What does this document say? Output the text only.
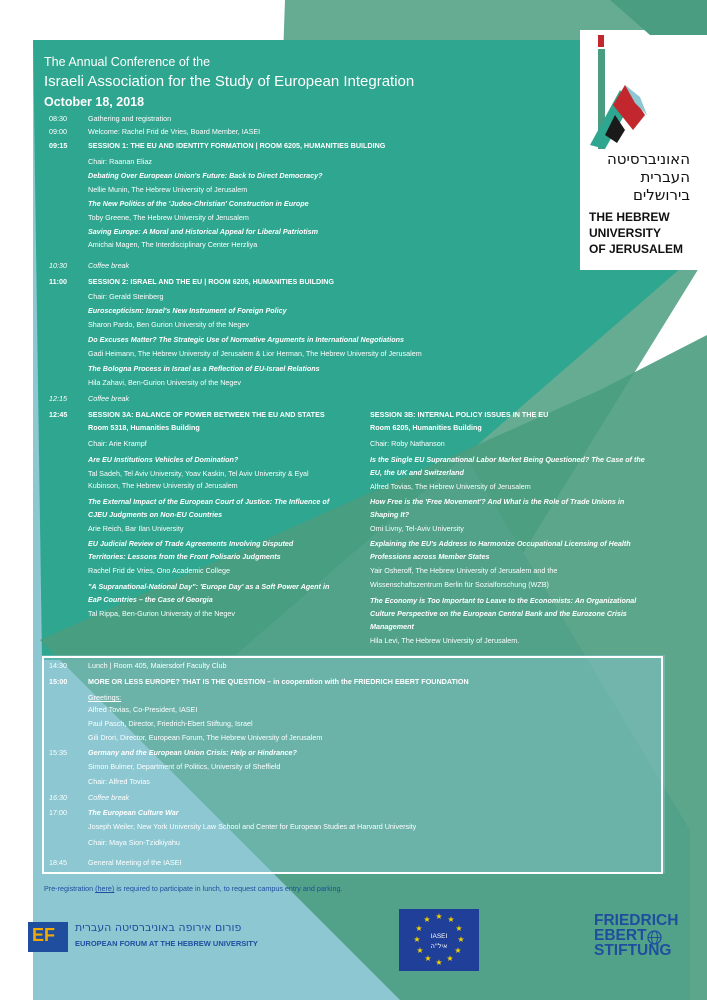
The Annual Conference of the
Israeli Association for the Study of European Integration
October 18, 2018
08:30	Gathering and registration
09:00	Welcome: Rachel Frid de Vries, Board Member, IASEI
09:15	SESSION 1: THE EU AND IDENTITY FORMATION | ROOM 6205, HUMANITIES BUILDING
Chair: Raanan Eliaz
Debating Over European Union's Future: Back to Direct Democracy?
Nellie Munin, The Hebrew University of Jerusalem
The New Politics of the 'Judeo-Christian' Construction in Europe
Toby Greene, The Hebrew University of Jerusalem
Saving Europe: A Moral and Historical Appeal for Liberal Patriotism
Amichai Magen, The Interdisciplinary Center Herzliya
10:30	Coffee break
11:00	SESSION 2: ISRAEL AND THE EU | ROOM 6205, HUMANITIES BUILDING
Chair: Gerald Steinberg
Euroscepticism: Israel's New Instrument of Foreign Policy
Sharon Pardo, Ben Gurion University of the Negev
Do Excuses Matter? The Strategic Use of Normative Arguments in International Negotiations
Gadi Heimann, The Hebrew University of Jerusalem & Lior Herman, The Hebrew University of Jerusalem
The Bologna Process in Israel as a Reflection of EU-Israel Relations
Hila Zahavi, Ben-Gurion University of the Negev
12:15	Coffee break
12:45	SESSION 3A: BALANCE OF POWER BETWEEN THE EU AND STATES
Room 5318, Humanities Building
Chair: Arie Krampf
Are EU Institutions Vehicles of Domination?
Tal Sadeh, Tel Aviv University, Yoav Kaskin, Tel Aviv University & Eyal
Kubinson, The Hebrew University of Jerusalem
The External Impact of the European Court of Justice: The Influence of
CJEU Judgments on Non-EU Countries
Arie Reich, Bar Ilan University
EU Judicial Review of Trade Agreements Involving Disputed
Territories: Lessons from the Front Polisario Judgments
Rachel Frid de Vries, Ono Academic College
"A Supranational-National Day": 'Europe Day' as a Soft Power Agent in
EaP Countries – the Case of Georgia
Tal Rippa, Ben-Gurion University of the Negev
SESSION 3B: INTERNAL POLICY ISSUES IN THE EU
Room 6205, Humanities Building
Chair: Roby Nathanson
Is the Single EU Supranational Labor Market Being Questioned? The Case of the
EU, the UK and Switzerland
Alfred Tovias, The Hebrew University of Jerusalem
How Free is the 'Free Movement'? And What is the Role of Trade Unions in
Shaping It?
Omi Livny, Tel-Aviv University
Explaining the EU's Address to Harmonize Occupational Licensing of Health
Professions across Member States
Yair Osheroff, The Hebrew University of Jerusalem and the
Wissenschaftszentrum Berlin für Sozialforschung (WZB)
The Economy is Too Important to Leave to the Economists: An Organizational
Culture Perspective on the European Central Bank and the Eurozone Crisis
Management
Hila Levi, The Hebrew University of Jerusalem.
14:30	Lunch | Room 405, Maiersdorf Faculty Club
15:00	MORE OR LESS EUROPE? THAT IS THE QUESTION – in cooperation with the FRIEDRICH EBERT FOUNDATION
Greetings:
Alfred Tovias, Co-President, IASEI
Paul Pasch, Director, Friedrich-Ebert Stiftung, Israel
Gili Drori, Director, European Forum, The Hebrew University of Jerusalem
15:35	Germany and the European Union Crisis: Help or Hindrance?
Simon Bulmer, Department of Politics, University of Sheffield
Chair: Alfred Tovias
16:30	Coffee break
17:00	The European Culture War
Joseph Weiler, New York University Law School and Center for European Studies at Harvard University
Chair: Maya Sion-Tzidkiyahu
18:45	General Meeting of the IASEI
Pre-registration (here) is required to participate in lunch, to request campus entry and parking.
האוניברסיטה
העברית
בירושלים
THE HEBREW
UNIVERSITY
OF JERUSALEM
EF פורום אירופה באוניברסיטה העברית
EUROPEAN FORUM AT THE HEBREW UNIVERSITY
★ ★
★
★
★
★
★
★
★
★
★
★
IASEI
איל"ה
FRIEDRICH
EBERT
STIFTUNG
